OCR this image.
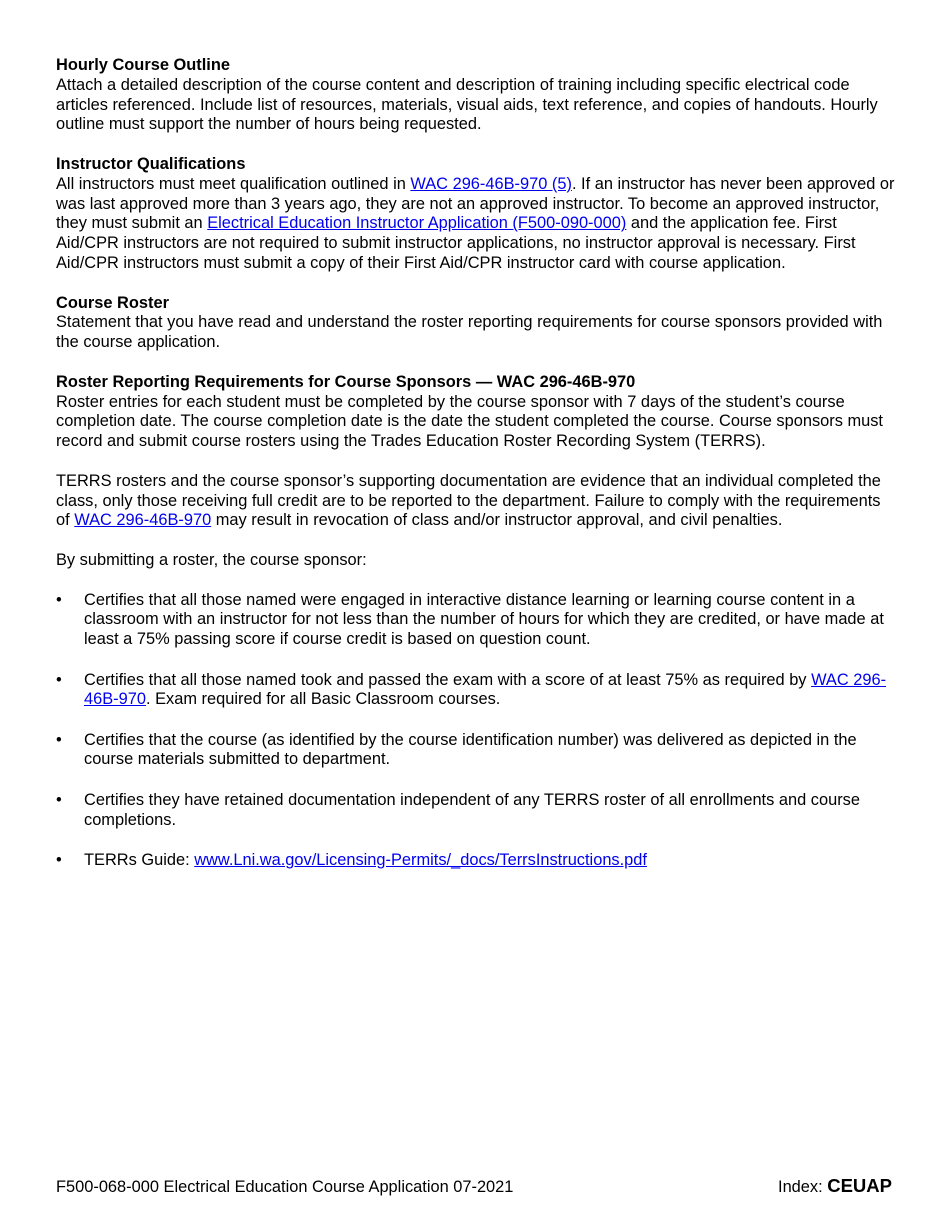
Hourly Course Outline
Attach a detailed description of the course content and description of training including specific electrical code articles referenced. Include list of resources, materials, visual aids, text reference, and copies of handouts. Hourly outline must support the number of hours being requested.
Instructor Qualifications
All instructors must meet qualification outlined in WAC 296-46B-970 (5). If an instructor has never been approved or was last approved more than 3 years ago, they are not an approved instructor. To become an approved instructor, they must submit an Electrical Education Instructor Application (F500-090-000) and the application fee. First Aid/CPR instructors are not required to submit instructor applications, no instructor approval is necessary. First Aid/CPR instructors must submit a copy of their First Aid/CPR instructor card with course application.
Course Roster
Statement that you have read and understand the roster reporting requirements for course sponsors provided with the course application.
Roster Reporting Requirements for Course Sponsors — WAC 296-46B-970

Roster entries for each student must be completed by the course sponsor with 7 days of the student’s course completion date. The course completion date is the date the student completed the course. Course sponsors must record and submit course rosters using the Trades Education Roster Recording System (TERRS).

TERRS rosters and the course sponsor’s supporting documentation are evidence that an individual completed the class, only those receiving full credit are to be reported to the department. Failure to comply with the requirements of WAC 296-46B-970 may result in revocation of class and/or instructor approval, and civil penalties.

By submitting a roster, the course sponsor:

•	Certifies that all those named were engaged in interactive distance learning or learning course content in a classroom with an instructor for not less than the number of hours for which they are credited, or have made at least a 75% passing score if course credit is based on question count.
•	Certifies that all those named took and passed the exam with a score of at least 75% as required by WAC 296-46B-970. Exam required for all Basic Classroom courses.
•	Certifies that the course (as identified by the course identification number) was delivered as depicted in the course materials submitted to department.
•	Certifies they have retained documentation independent of any TERRS roster of all enrollments and course completions.
•	TERRs Guide: www.Lni.wa.gov/Licensing-Permits/_docs/TerrsInstructions.pdf
F500-068-000 Electrical Education Course Application 07-2021	Index: CEUAP
